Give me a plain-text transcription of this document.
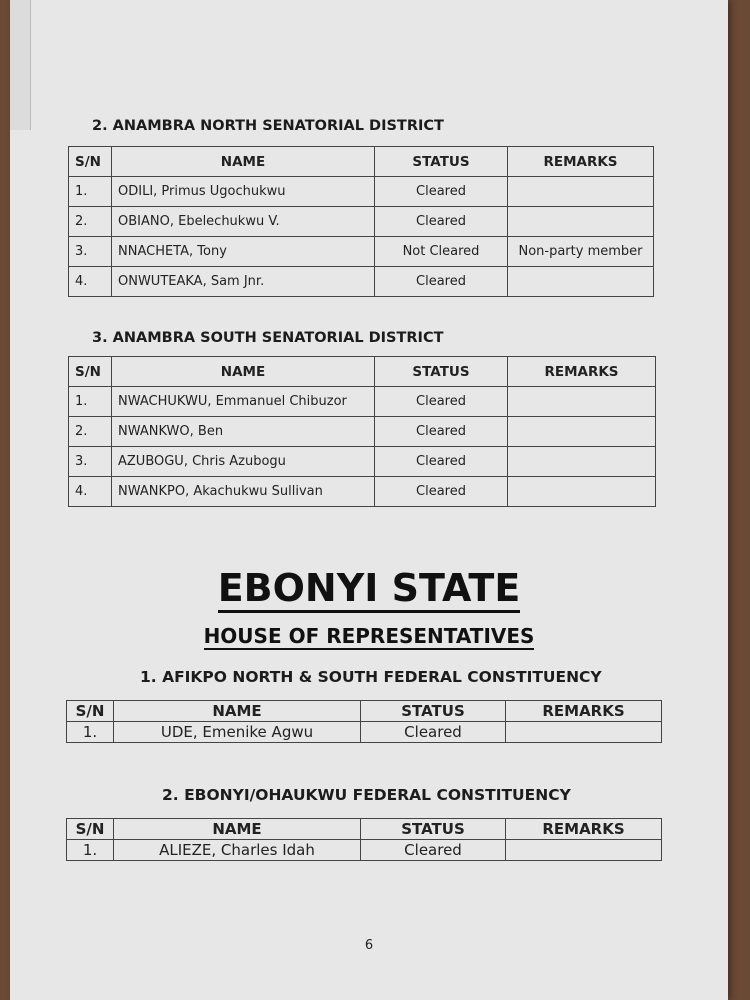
2. ANAMBRA NORTH SENATORIAL DISTRICT
S/N	NAME	STATUS	REMARKS
1.	ODILI, Primus Ugochukwu	Cleared	
2.	OBIANO, Ebelechukwu V.	Cleared	
3.	NNACHETA, Tony	Not Cleared	Non-party member
4.	ONWUTEAKA, Sam Jnr.	Cleared	
3. ANAMBRA SOUTH SENATORIAL DISTRICT
S/N	NAME	STATUS	REMARKS
1.	NWACHUKWU, Emmanuel Chibuzor	Cleared	
2.	NWANKWO, Ben	Cleared	
3.	AZUBOGU, Chris Azubogu	Cleared	
4.	NWANKPO, Akachukwu Sullivan	Cleared	
EBONYI STATE
HOUSE OF REPRESENTATIVES
1. AFIKPO NORTH & SOUTH FEDERAL CONSTITUENCY
S/N	NAME	STATUS	REMARKS
1.	UDE, Emenike Agwu	Cleared	
2. EBONYI/OHAUKWU FEDERAL CONSTITUENCY
S/N	NAME	STATUS	REMARKS
1.	ALIEZE, Charles Idah	Cleared	
6
